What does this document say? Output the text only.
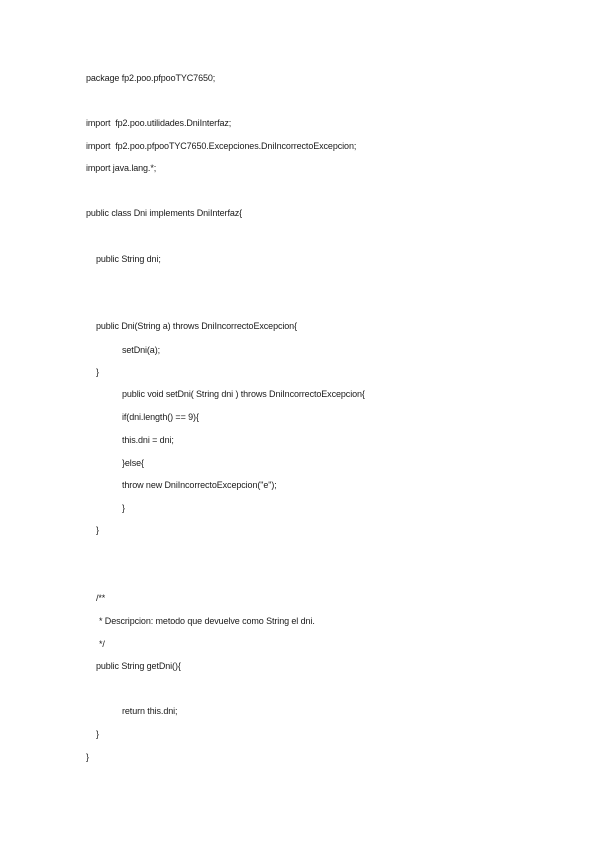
package fp2.poo.pfpooTYC7650;
import  fp2.poo.utilidades.DniInterfaz;
import  fp2.poo.pfpooTYC7650.Excepciones.DniIncorrectoExcepcion;
import java.lang.*;
public class Dni implements DniInterfaz{
public String dni;
public Dni(String a) throws DniIncorrectoExcepcion{
setDni(a);
}
public void setDni( String dni ) throws DniIncorrectoExcepcion{
if(dni.length() == 9){
this.dni = dni;
}else{
throw new DniIncorrectoExcepcion("e");
}
}
/**
* Descripcion: metodo que devuelve como String el dni.
*/
public String getDni(){
return this.dni;
}
}
